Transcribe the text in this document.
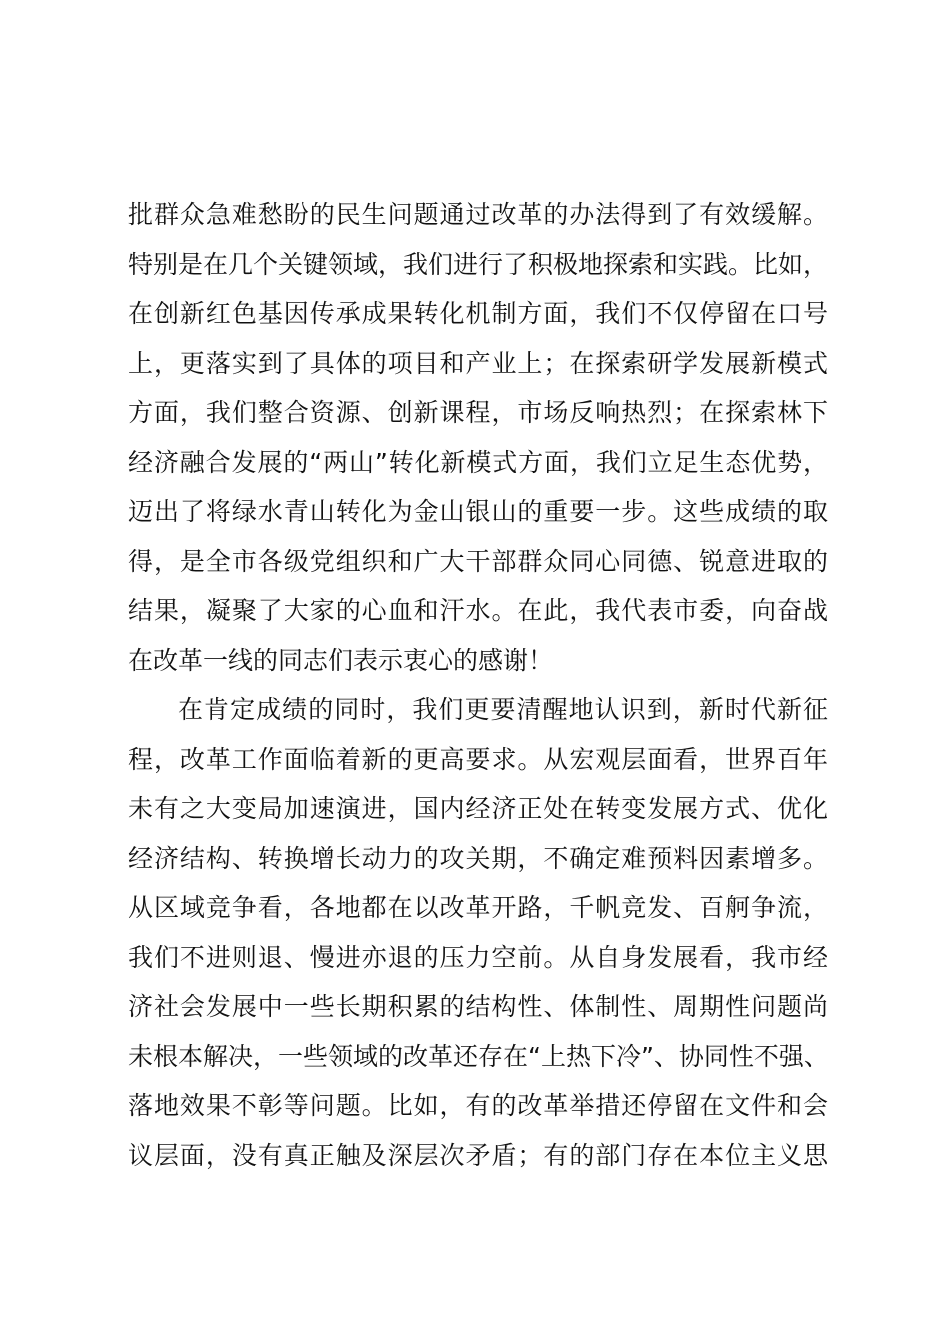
批群众急难愁盼的民生问题通过改革的办法得到了有效缓解。
特别是在几个关键领域，我们进行了积极地探索和实践。比如，
在创新红色基因传承成果转化机制方面，我们不仅停留在口号
上，更落实到了具体的项目和产业上；在探索研学发展新模式
方面，我们整合资源、创新课程，市场反响热烈；在探索林下
经济融合发展的“两山”转化新模式方面，我们立足生态优势，
迈出了将绿水青山转化为金山银山的重要一步。这些成绩的取
得，是全市各级党组织和广大干部群众同心同德、锐意进取的
结果，凝聚了大家的心血和汗水。在此，我代表市委，向奋战
在改革一线的同志们表示衷心的感谢！
在肯定成绩的同时，我们更要清醒地认识到，新时代新征
程，改革工作面临着新的更高要求。从宏观层面看，世界百年
未有之大变局加速演进，国内经济正处在转变发展方式、优化
经济结构、转换增长动力的攻关期，不确定难预料因素增多。
从区域竞争看，各地都在以改革开路，千帆竞发、百舸争流，
我们不进则退、慢进亦退的压力空前。从自身发展看，我市经
济社会发展中一些长期积累的结构性、体制性、周期性问题尚
未根本解决，一些领域的改革还存在“上热下冷”、协同性不强、
落地效果不彰等问题。比如，有的改革举措还停留在文件和会
议层面，没有真正触及深层次矛盾；有的部门存在本位主义思
